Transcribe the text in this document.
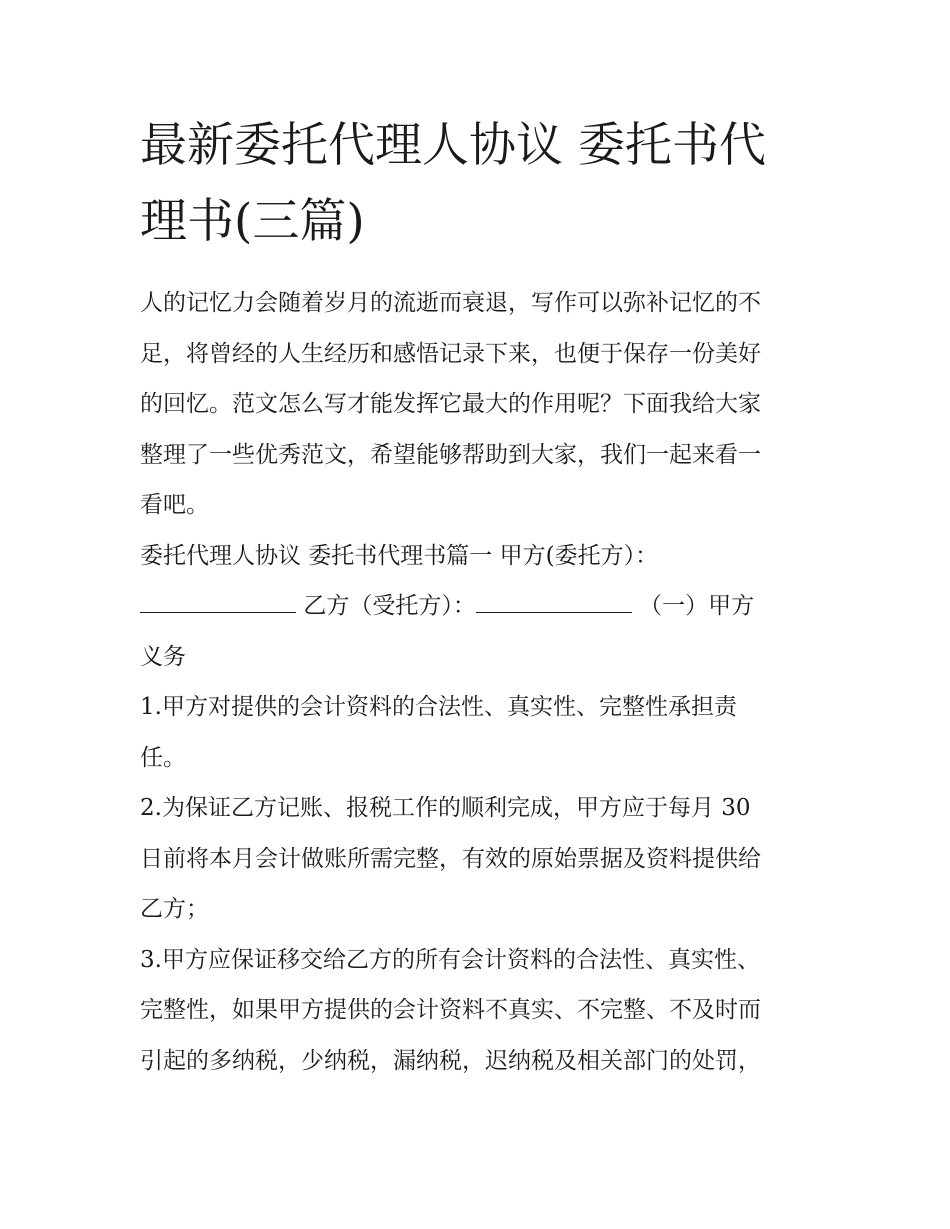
最新委托代理人协议 委托书代
理书(三篇)

人的记忆力会随着岁月的流逝而衰退，写作可以弥补记忆的不
足，将曾经的人生经历和感悟记录下来，也便于保存一份美好
的回忆。范文怎么写才能发挥它最大的作用呢？下面我给大家
整理了一些优秀范文，希望能够帮助到大家，我们一起来看一
看吧。

委托代理人协议 委托书代理书篇一 甲方(委托方）：
乙方（受托方）：	（一）甲方
义务

1.甲方对提供的会计资料的合法性、真实性、完整性承担责
任。

2.为保证乙方记账、报税工作的顺利完成，甲方应于每月 30
日前将本月会计做账所需完整，有效的原始票据及资料提供给
乙方；

3.甲方应保证移交给乙方的所有会计资料的合法性、真实性、
完整性，如果甲方提供的会计资料不真实、不完整、不及时而
引起的多纳税，少纳税，漏纳税，迟纳税及相关部门的处罚，
